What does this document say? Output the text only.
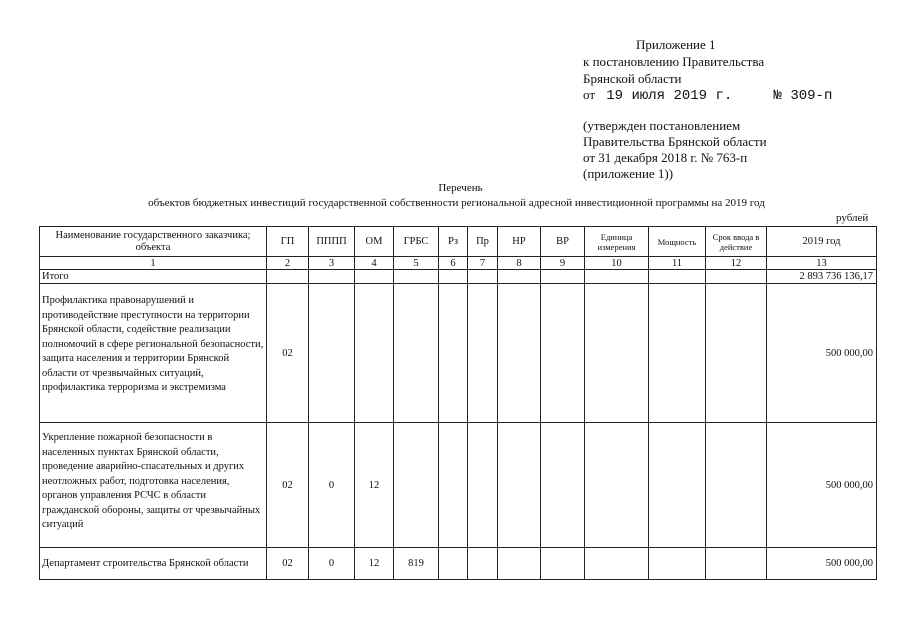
Приложение 1
к постановлению Правительства
Брянской области
от 19 июля 2019 г.	№ 309-п
(утвержден постановлением
Правительства Брянской области
от 31 декабря 2018 г. № 763-п
(приложение 1))
Перечень
объектов бюджетных инвестиций государственной собственности региональной адресной инвестиционной программы на 2019 год
рублей
Наименование государственного заказчика; объекта	ГП	ПППП	ОМ	ГРБС	Рз	Пр	НР	ВР	Единица измерения	Мощность	Срок ввода в действие	2019 год
1	2	3	4	5	6	7	8	9	10	11	12	13
Итого												2 893 736 136,17
Профилактика правонарушений и противодействие преступности на территории Брянской области, содействие реализации полномочий в сфере региональной безопасности, защита населения и территории Брянской области от чрезвычайных ситуаций, профилактика терроризма и экстремизма	02											500 000,00
Укрепление пожарной безопасности в населенных пунктах Брянской области, проведение аварийно-спасательных и других неотложных работ, подготовка населения, органов управления РСЧС в области гражданской обороны, защиты от чрезвычайных ситуаций	02	0	12									500 000,00
Департамент строительства Брянской области	02	0	12	819								500 000,00
